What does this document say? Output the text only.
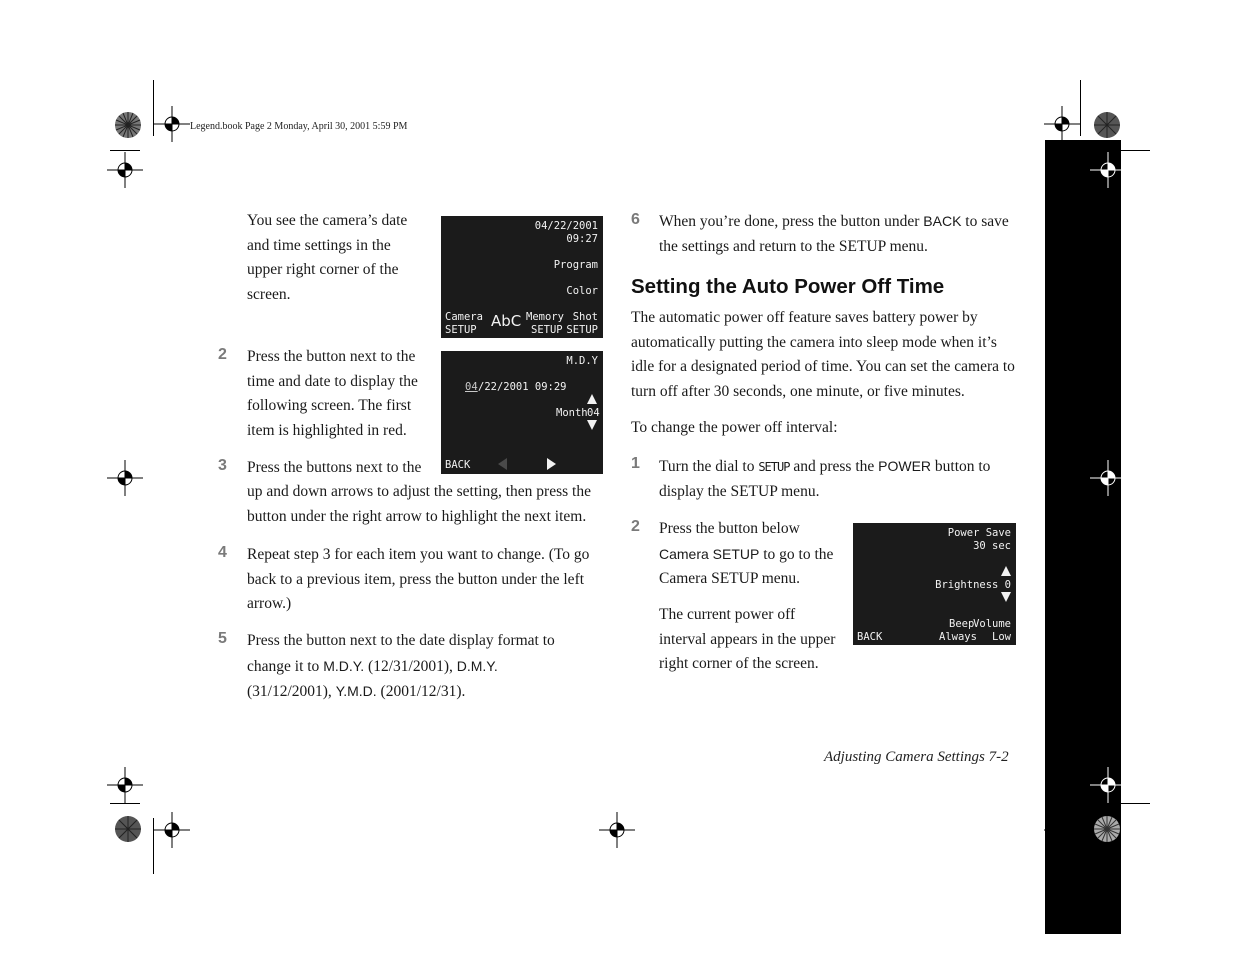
Legend.book Page 2 Monday, April 30, 2001 5:59 PM
You see the camera’s date and time settings in the upper right corner of the screen.
04/22/2001
09:27
Program
Color
Camera
SETUP AbC Memory
SETUP
Shot
SETUP
2 Press the button next to the time and date to display the following screen. The first item is highlighted in red.
M.D.Y
04 /22/2001 09:29
Month 04
BACK
3 Press the buttons next to the
up and down arrows to adjust the setting, then press the button under the right arrow to highlight the next item.
4 Repeat step 3 for each item you want to change. (To go back to a previous item, press the button under the left arrow.)
5 Press the button next to the date display format to change it to M.D.Y. (12/31/2001), D.M.Y.
(31/12/2001), Y.M.D. (2001/12/31).
6 When you’re done, press the button under BACK to save the settings and return to the SETUP menu.
Setting the Auto Power Off Time
The automatic power off feature saves battery power by automatically putting the camera into sleep mode when it’s idle for a designated period of time. You can set the camera to turn off after 30 seconds, one minute, or five minutes.
To change the power off interval:
1 Turn the dial to SETUP and press the POWER button to display the SETUP menu.
2 Press the button below Camera SETUP to go to the Camera SETUP menu.
The current power off interval appears in the upper right corner of the screen.
Power Save
30 sec
Brightness 0
Beep
Always
Volume
Low
BACK
Adjusting Camera Settings 7-2
